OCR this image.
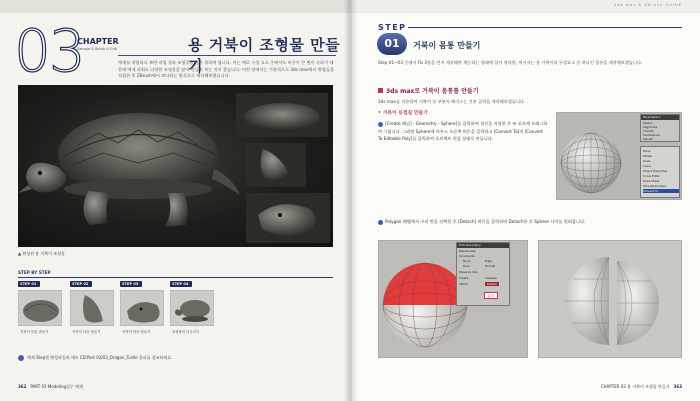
03
CHAPTER
Sample & Brush & Edit	용 거북이 조형물 만들기
예제를 작업하다 보면 작업 결과 조형물을 많이 접하게 됩니다. 이는 예로 구성 요소 중에서도 비중이 큰 면이 속하기 때문에 예제 파워도 다양한 조형물을 많이 만들어 보는 것이 좋습니다. 이번 장에서는 기본적으로 3ds max에서 방법들을 직접한 후 ZBrush에서 보다하는 방식으로 제작해보겠습니다.
▲ 완성된 용 거북이 조형물
STEP BY STEP
STEP 01
거북이 몸통 만들기
STEP 02
거북이 다리 만들기
STEP 03
거북이 머리 만들기
STEP 04
조형물의 마무리기
예제 Step별 완성파일과 매트 CD:Part 03/03_Dragon_Turtle 폴더를 참조하세요.
362 PART 03 Modeling실무 예제
3ds max & ZBrush GUIDE
STEP
01	거북이 몸통 만들기
Step 01~03 중에서 Fb 3장을 먼저 제작해야 재능하는 형태에 입어 정리한, 여기서는 용 거북이의 구성요소 중 하나인 몸통을 제작해보겠습니다.
3ds max로 거북이 몸통틀 만들기
3ds max를 이용하여 거북이 등 부분의 베이스는 기본 골격을 제작해보겠습니다.
• 거북이 등껍질 만들기
[Create 패널] - Geometry - Sphere]를 클릭하여 접선을 지정한 후 뷰 포트에 드래그하여 그립니다. 그러면 Sphere에 마우스 오른쪽 버튼을 클릭하고 [Convert To]의 [Convert To Editable Poly]를 클릭하여 오브젝트 편집 상태로 만듭니다.
Parameters
Radius
Segments
Smooth
Hemisphere
Squash
Move
Rotate
Scale
Clone
Object Properties
Curve Editor
Dope Sheet
Wire Parameters
Convert To:
Polygon 레벨에서 구의 반을 선택한 후 [Detach] 버튼을 클릭하여 Detach한 후 Sphere 사이를 벌려줍니다.
Edit Geometry
Repeat Last
Constraints
None	Edge
Face	Normal
Preserve UVs
Create	Collapse
Attach	Detach
분리
CHAPTER 03 용 거북이 조형물 만들기 363
